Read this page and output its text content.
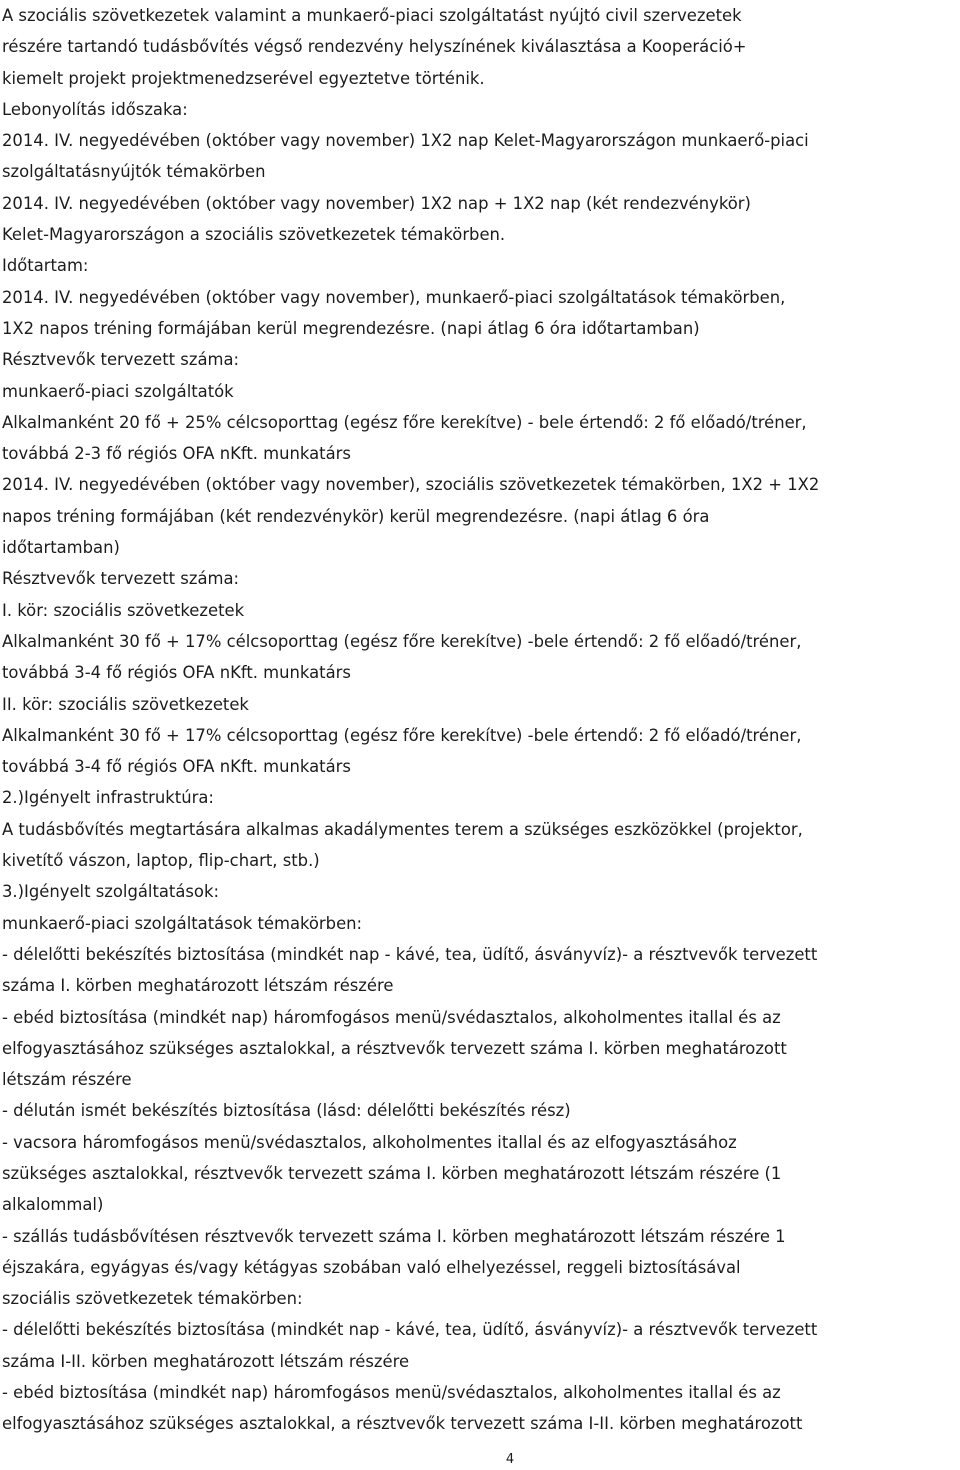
A szociális szövetkezetek valamint a munkaerő-piaci szolgáltatást nyújtó civil szervezetek
részére tartandó tudásbővítés végső rendezvény helyszínének kiválasztása a Kooperáció+
kiemelt projekt projektmenedzserével egyeztetve történik.
Lebonyolítás időszaka:
2014. IV. negyedévében (október vagy november) 1X2 nap Kelet-Magyarországon munkaerő-piaci
szolgáltatásnyújtók témakörben
2014. IV. negyedévében (október vagy november) 1X2 nap + 1X2 nap (két rendezvénykör)
Kelet-Magyarországon a szociális szövetkezetek témakörben.
Időtartam:
2014. IV. negyedévében (október vagy november), munkaerő-piaci szolgáltatások témakörben,
1X2 napos tréning formájában kerül megrendezésre. (napi átlag 6 óra időtartamban)
Résztvevők tervezett száma:
munkaerő-piaci szolgáltatók
Alkalmanként 20 fő + 25% célcsoporttag (egész főre kerekítve) - bele értendő: 2 fő előadó/tréner,
továbbá 2-3 fő régiós OFA nKft. munkatárs
2014. IV. negyedévében (október vagy november), szociális szövetkezetek témakörben, 1X2 + 1X2
napos tréning formájában (két rendezvénykör) kerül megrendezésre. (napi átlag 6 óra
időtartamban)
Résztvevők tervezett száma:
I. kör: szociális szövetkezetek
Alkalmanként 30 fő + 17% célcsoporttag (egész főre kerekítve) -bele értendő: 2 fő előadó/tréner,
továbbá 3-4 fő régiós OFA nKft. munkatárs
II. kör: szociális szövetkezetek
Alkalmanként 30 fő + 17% célcsoporttag (egész főre kerekítve) -bele értendő: 2 fő előadó/tréner,
továbbá 3-4 fő régiós OFA nKft. munkatárs
2.)Igényelt infrastruktúra:
A tudásbővítés megtartására alkalmas akadálymentes terem a szükséges eszközökkel (projektor,
kivetítő vászon, laptop, flip-chart, stb.)
3.)Igényelt szolgáltatások:
munkaerő-piaci szolgáltatások témakörben:
- délelőtti bekészítés biztosítása (mindkét nap - kávé, tea, üdítő, ásványvíz)- a résztvevők tervezett
száma I. körben meghatározott létszám részére
- ebéd biztosítása (mindkét nap) háromfogásos menü/svédasztalos, alkoholmentes itallal és az
elfogyasztásához szükséges asztalokkal, a résztvevők tervezett száma I. körben meghatározott
létszám részére
- délután ismét bekészítés biztosítása (lásd: délelőtti bekészítés rész)
- vacsora háromfogásos menü/svédasztalos, alkoholmentes itallal és az elfogyasztásához
szükséges asztalokkal, résztvevők tervezett száma I. körben meghatározott létszám részére (1
alkalommal)
- szállás tudásbővítésen résztvevők tervezett száma I. körben meghatározott létszám részére 1
éjszakára, egyágyas és/vagy kétágyas szobában való elhelyezéssel, reggeli biztosításával
szociális szövetkezetek témakörben:
- délelőtti bekészítés biztosítása (mindkét nap - kávé, tea, üdítő, ásványvíz)- a résztvevők tervezett
száma I-II. körben meghatározott létszám részére
- ebéd biztosítása (mindkét nap) háromfogásos menü/svédasztalos, alkoholmentes itallal és az
elfogyasztásához szükséges asztalokkal, a résztvevők tervezett száma I-II. körben meghatározott
4
